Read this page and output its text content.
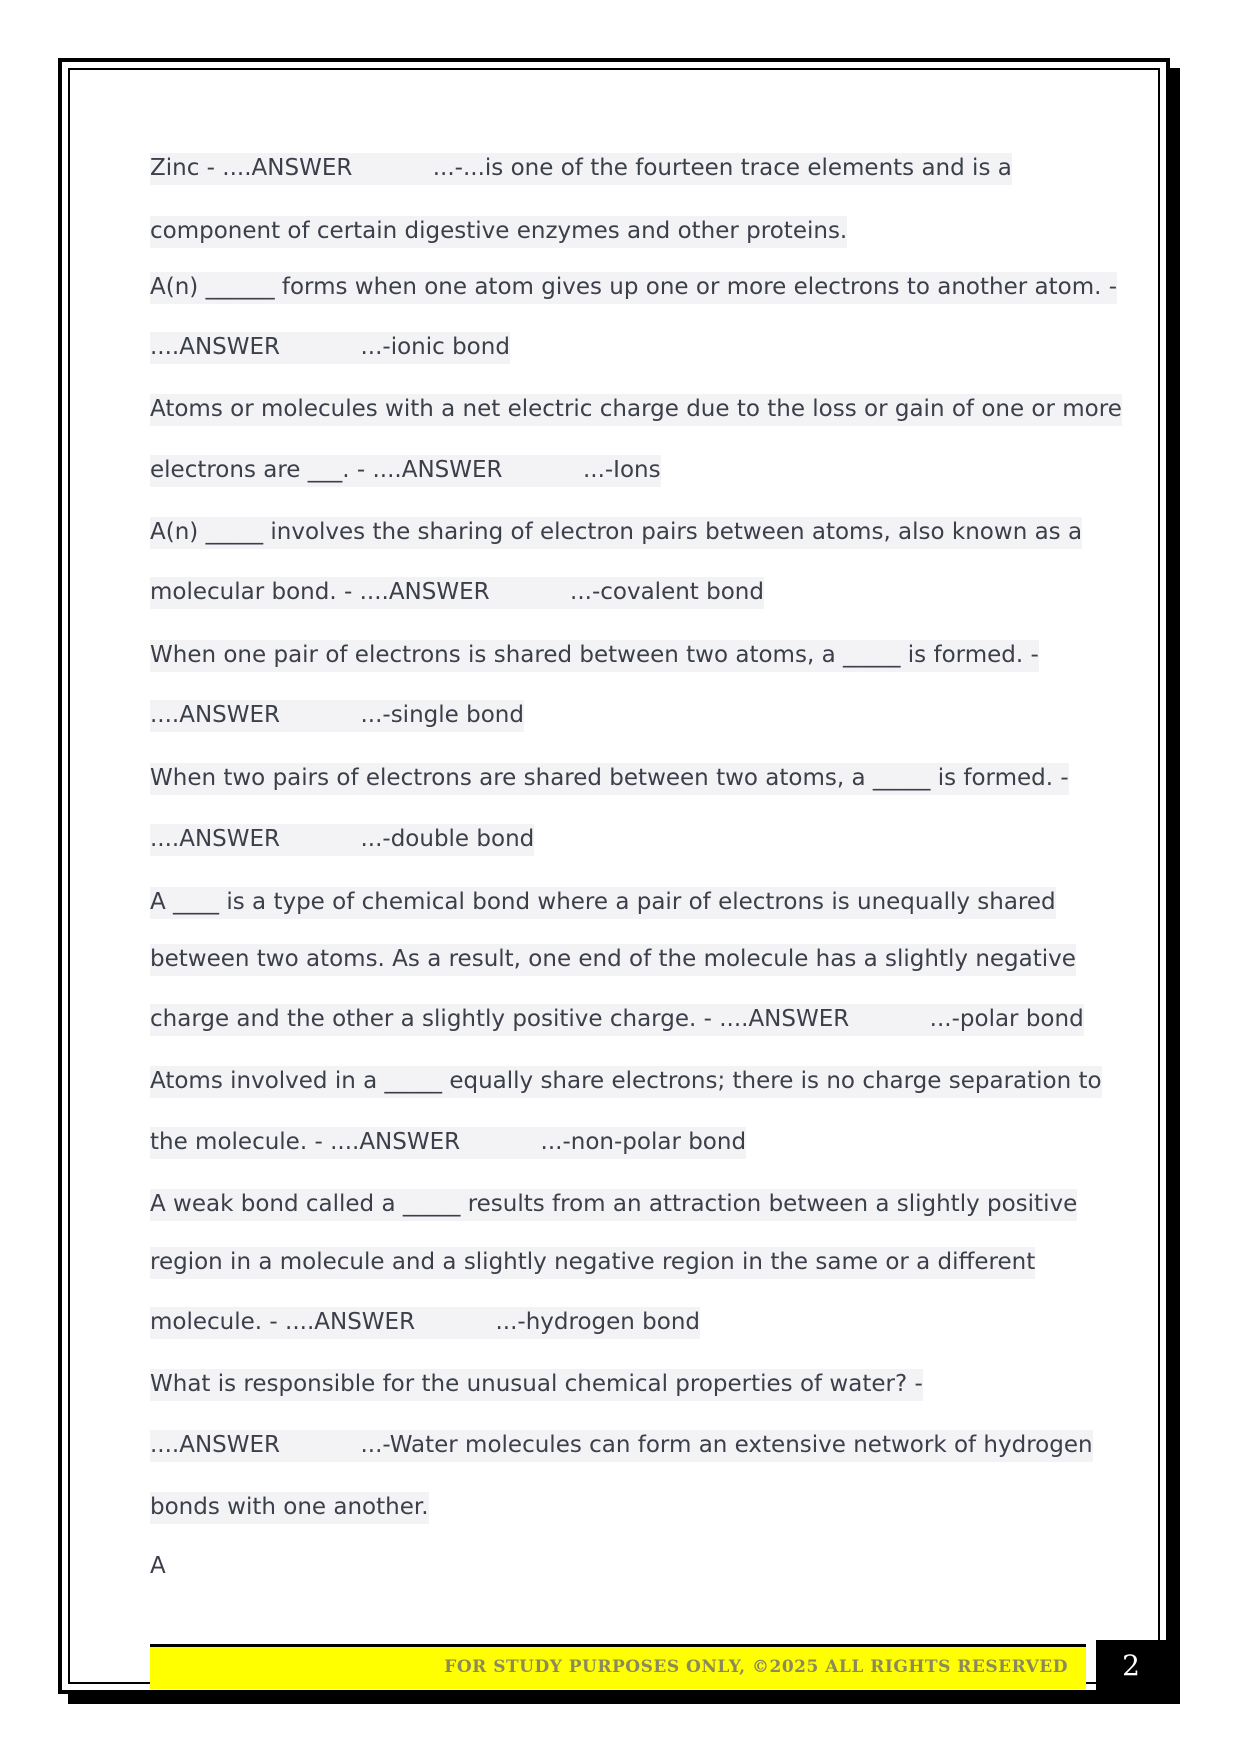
Zinc - ....ANSWER           ...-...is one of the fourteen trace elements and is a
component of certain digestive enzymes and other proteins.
A(n) ______ forms when one atom gives up one or more electrons to another atom. -
....ANSWER           ...-ionic bond
Atoms or molecules with a net electric charge due to the loss or gain of one or more
electrons are ___. - ....ANSWER           ...-Ions
A(n) _____ involves the sharing of electron pairs between atoms, also known as a
molecular bond. - ....ANSWER           ...-covalent bond
When one pair of electrons is shared between two atoms, a _____ is formed. -
....ANSWER           ...-single bond
When two pairs of electrons are shared between two atoms, a _____ is formed. -
....ANSWER           ...-double bond
A ____ is a type of chemical bond where a pair of electrons is unequally shared
between two atoms. As a result, one end of the molecule has a slightly negative
charge and the other a slightly positive charge. - ....ANSWER           ...-polar bond
Atoms involved in a _____ equally share electrons; there is no charge separation to
the molecule. - ....ANSWER           ...-non-polar bond
A weak bond called a _____ results from an attraction between a slightly positive
region in a molecule and a slightly negative region in the same or a different
molecule. - ....ANSWER           ...-hydrogen bond
What is responsible for the unusual chemical properties of water? -
....ANSWER           ...-Water molecules can form an extensive network of hydrogen
bonds with one another.
A
FOR STUDY PURPOSES ONLY, ©2025 ALL RIGHTS RESERVED	2
